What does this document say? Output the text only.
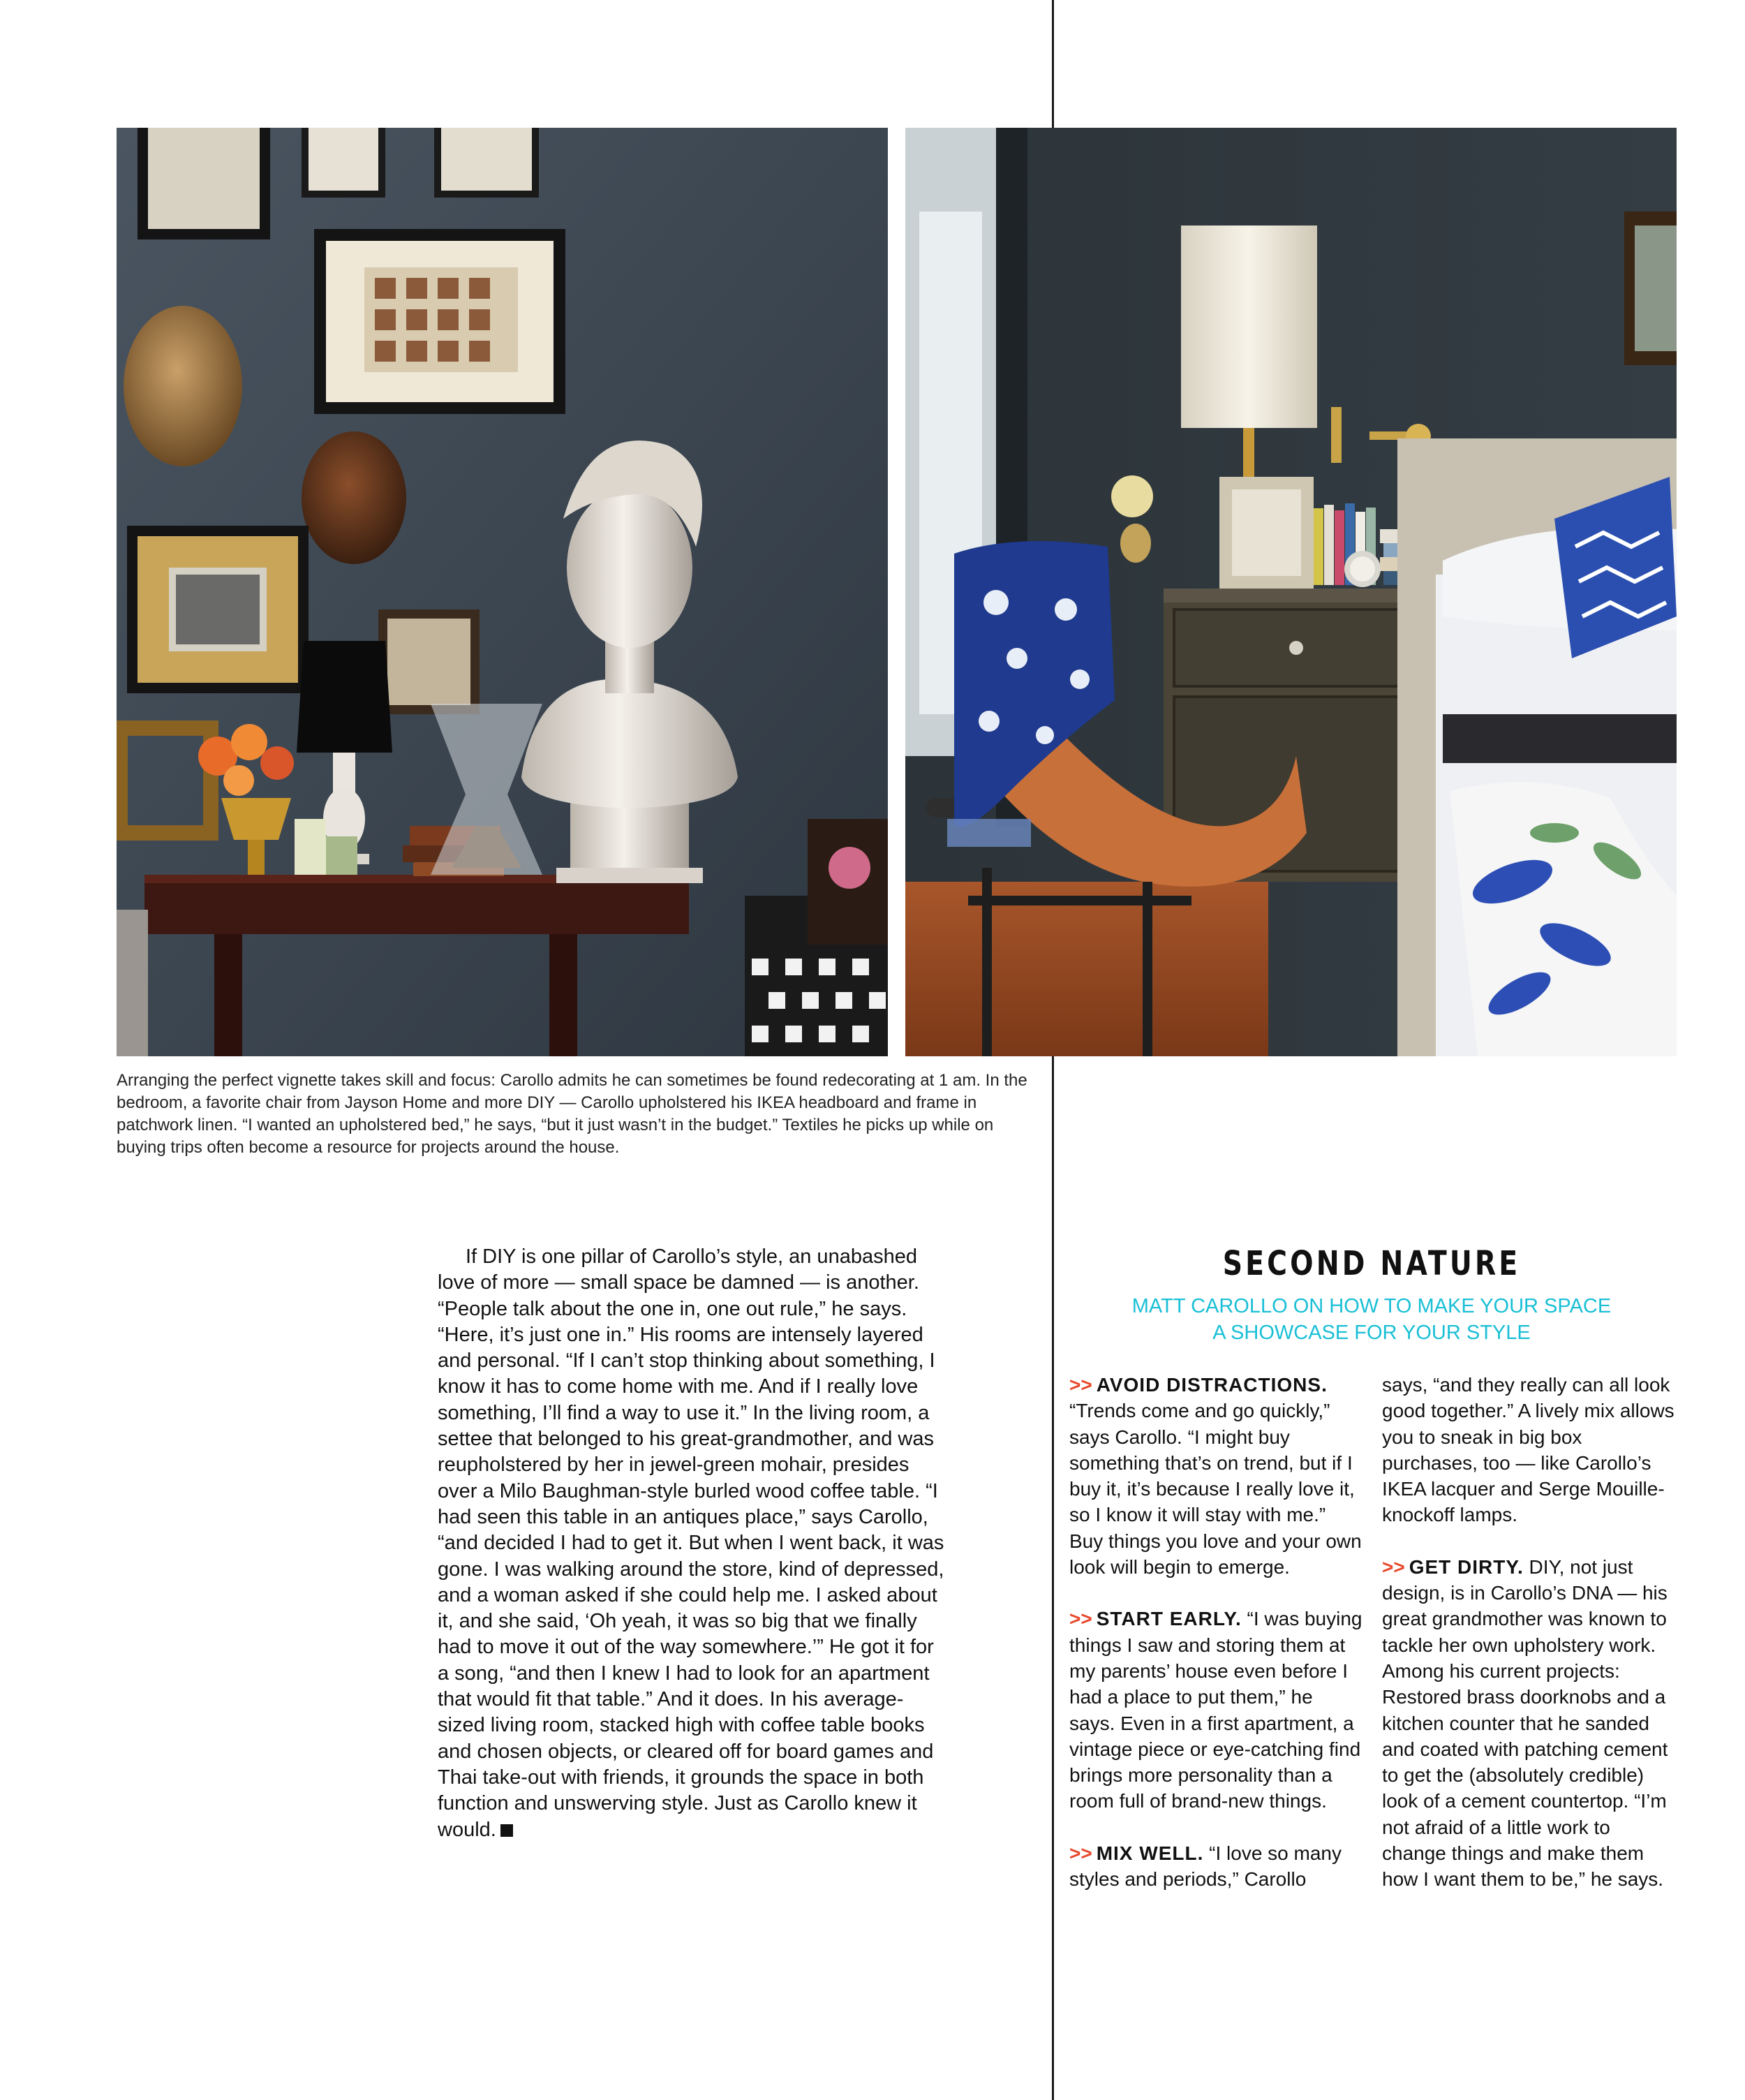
Arranging the perfect vignette takes skill and focus: Carollo admits he can sometimes be found redecorating at 1 am. In the bedroom, a favorite chair from Jayson Home and more DIY — Carollo upholstered his IKEA headboard and frame in patchwork linen. “I wanted an upholstered bed,” he says, “but it just wasn’t in the budget.” Textiles he picks up while on buying trips often become a resource for projects around the house.

If DIY is one pillar of Carollo’s style, an unabashed love of more — small space be damned — is another. “People talk about the one in, one out rule,” he says. “Here, it’s just one in.” His rooms are intensely layered and personal. “If I can’t stop thinking about something, I know it has to come home with me. And if I really love something, I’ll find a way to use it.” In the living room, a settee that belonged to his great-grandmother, and was reupholstered by her in jewel-green mohair, presides over a Milo Baughman-style burled wood coffee table. “I had seen this table in an antiques place,” says Carollo, “and decided I had to get it. But when I went back, it was gone. I was walking around the store, kind of depressed, and a woman asked if she could help me. I asked about it, and she said, ‘Oh yeah, it was so big that we finally had to move it out of the way somewhere.’” He got it for a song, “and then I knew I had to look for an apartment that would fit that table.” And it does. In his average-sized living room, stacked high with coffee table books and chosen objects, or cleared off for board games and Thai take-out with friends, it grounds the space in both function and unswerving style. Just as Carollo knew it would.

SECOND NATURE
MATT CAROLLO ON HOW TO MAKE YOUR SPACE
A SHOWCASE FOR YOUR STYLE

>> AVOID DISTRACTIONS. “Trends come and go quickly,” says Carollo. “I might buy something that’s on trend, but if I buy it, it’s because I really love it, so I know it will stay with me.” Buy things you love and your own look will begin to emerge.

>> START EARLY. “I was buying things I saw and storing them at my parents’ house even before I had a place to put them,” he says. Even in a first apartment, a vintage piece or eye-catching find brings more personality than a room full of brand-new things.

>> MIX WELL. “I love so many styles and periods,” Carollo

says, “and they really can all look good together.” A lively mix allows you to sneak in big box purchases, too — like Carollo’s IKEA lacquer and Serge Mouille-knockoff lamps.

>> GET DIRTY. DIY, not just design, is in Carollo’s DNA — his great grandmother was known to tackle her own upholstery work. Among his current projects: Restored brass doorknobs and a kitchen counter that he sanded and coated with patching cement to get the (absolutely credible) look of a cement countertop. “I’m not afraid of a little work to change things and make them how I want them to be,” he says.
